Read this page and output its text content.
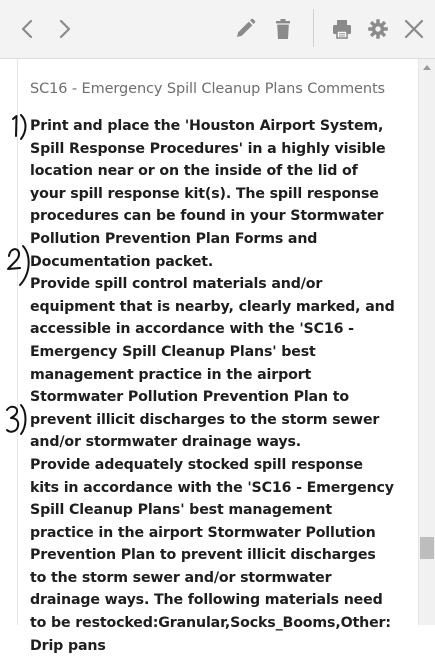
SC16 - Emergency Spill Cleanup Plans Comments

Print and place the 'Houston Airport System, Spill Response Procedures' in a highly visible location near or on the inside of the lid of your spill response kit(s). The spill response procedures can be found in your Stormwater Pollution Prevention Plan Forms and Documentation packet.

Provide spill control materials and/or equipment that is nearby, clearly marked, and accessible in accordance with the 'SC16 - Emergency Spill Cleanup Plans' best management practice in the airport Stormwater Pollution Prevention Plan to prevent illicit discharges to the storm sewer and/or stormwater drainage ways.

Provide adequately stocked spill response kits in accordance with the 'SC16 - Emergency Spill Cleanup Plans' best management practice in the airport Stormwater Pollution Prevention Plan to prevent illicit discharges to the storm sewer and/or stormwater drainage ways. The following materials need to be restocked:Granular,Socks_Booms,Other: Drip pans
